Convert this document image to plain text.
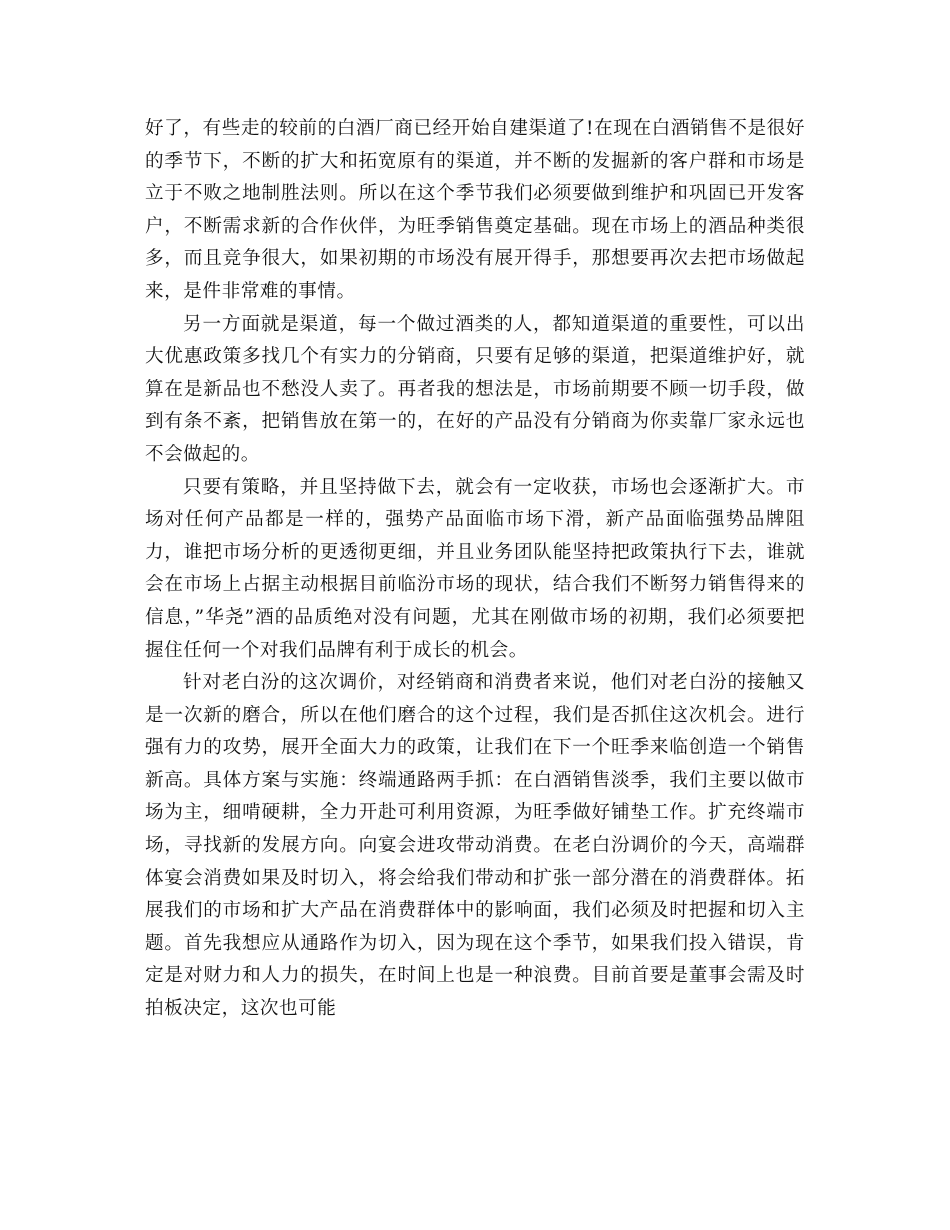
好了，有些走的较前的白酒厂商已经开始自建渠道了!在现在白酒销售不是很好的季节下，不断的扩大和拓宽原有的渠道，并不断的发掘新的客户群和市场是立于不败之地制胜法则。所以在这个季节我们必须要做到维护和巩固已开发客户，不断需求新的合作伙伴，为旺季销售奠定基础。现在市场上的酒品种类很多，而且竞争很大，如果初期的市场没有展开得手，那想要再次去把市场做起来，是件非常难的事情。

另一方面就是渠道，每一个做过酒类的人，都知道渠道的重要性，可以出大优惠政策多找几个有实力的分销商，只要有足够的渠道，把渠道维护好，就算在是新品也不愁没人卖了。再者我的想法是，市场前期要不顾一切手段，做到有条不紊，把销售放在第一的，在好的产品没有分销商为你卖靠厂家永远也不会做起的。

只要有策略，并且坚持做下去，就会有一定收获，市场也会逐渐扩大。市场对任何产品都是一样的，强势产品面临市场下滑，新产品面临强势品牌阻力，谁把市场分析的更透彻更细，并且业务团队能坚持把政策执行下去，谁就会在市场上占据主动根据目前临汾市场的现状，结合我们不断努力销售得来的信息，”华尧”酒的品质绝对没有问题，尤其在刚做市场的初期，我们必须要把握住任何一个对我们品牌有利于成长的机会。

针对老白汾的这次调价，对经销商和消费者来说，他们对老白汾的接触又是一次新的磨合，所以在他们磨合的这个过程，我们是否抓住这次机会。进行强有力的攻势，展开全面大力的政策，让我们在下一个旺季来临创造一个销售新高。具体方案与实施：终端通路两手抓：在白酒销售淡季，我们主要以做市场为主，细啃硬耕，全力开赴可利用资源，为旺季做好铺垫工作。扩充终端市场，寻找新的发展方向。向宴会进攻带动消费。在老白汾调价的今天，高端群体宴会消费如果及时切入，将会给我们带动和扩张一部分潜在的消费群体。拓展我们的市场和扩大产品在消费群体中的影响面，我们必须及时把握和切入主题。首先我想应从通路作为切入，因为现在这个季节，如果我们投入错误，肯定是对财力和人力的损失，在时间上也是一种浪费。目前首要是董事会需及时拍板决定，这次也可能
